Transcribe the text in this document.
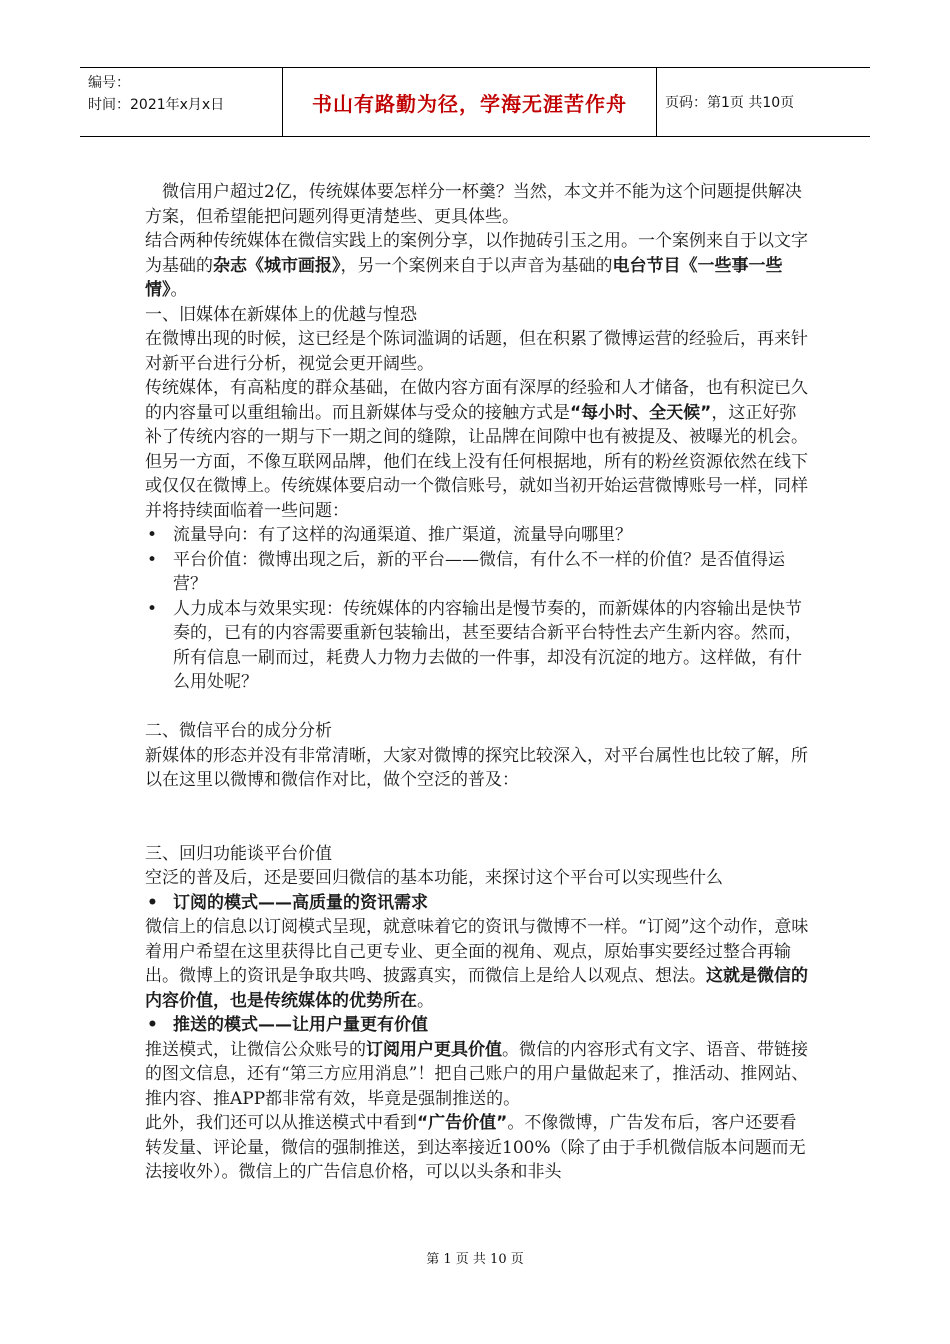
编号：
时间：2021年x月x日	书山有路勤为径，学海无涯苦作舟	页码：第1页 共10页

微信用户超过2亿，传统媒体要怎样分一杯羹？当然，本文并不能为这个问题提供解决方案，但希望能把问题列得更清楚些、更具体些。

结合两种传统媒体在微信实践上的案例分享，以作抛砖引玉之用。一个案例来自于以文字为基础的杂志《城市画报》，另一个案例来自于以声音为基础的电台节目《一些事一些情》。

一、旧媒体在新媒体上的优越与惶恐

在微博出现的时候，这已经是个陈词滥调的话题，但在积累了微博运营的经验后，再来针对新平台进行分析，视觉会更开阔些。

传统媒体，有高粘度的群众基础，在做内容方面有深厚的经验和人才储备，也有积淀已久的内容量可以重组输出。而且新媒体与受众的接触方式是“每小时、全天候”，这正好弥补了传统内容的一期与下一期之间的缝隙，让品牌在间隙中也有被提及、被曝光的机会。

但另一方面，不像互联网品牌，他们在线上没有任何根据地，所有的粉丝资源依然在线下或仅仅在微博上。传统媒体要启动一个微信账号，就如当初开始运营微博账号一样，同样并将持续面临着一些问题：

• 流量导向：有了这样的沟通渠道、推广渠道，流量导向哪里？

• 平台价值：微博出现之后，新的平台——微信，有什么不一样的价值？是否值得运营？

• 人力成本与效果实现：传统媒体的内容输出是慢节奏的，而新媒体的内容输出是快节奏的，已有的内容需要重新包装输出，甚至要结合新平台特性去产生新内容。然而，所有信息一刷而过，耗费人力物力去做的一件事，却没有沉淀的地方。这样做，有什么用处呢？

二、微信平台的成分分析

新媒体的形态并没有非常清晰，大家对微博的探究比较深入，对平台属性也比较了解，所以在这里以微博和微信作对比，做个空泛的普及：

三、回归功能谈平台价值

空泛的普及后，还是要回归微信的基本功能，来探讨这个平台可以实现些什么

• 订阅的模式——高质量的资讯需求

微信上的信息以订阅模式呈现，就意味着它的资讯与微博不一样。“订阅”这个动作，意味着用户希望在这里获得比自己更专业、更全面的视角、观点，原始事实要经过整合再输出。微博上的资讯是争取共鸣、披露真实，而微信上是给人以观点、想法。这就是微信的内容价值，也是传统媒体的优势所在。

• 推送的模式——让用户量更有价值

推送模式，让微信公众账号的订阅用户更具价值。微信的内容形式有文字、语音、带链接的图文信息，还有“第三方应用消息”！把自己账户的用户量做起来了，推活动、推网站、推内容、推APP都非常有效，毕竟是强制推送的。

此外，我们还可以从推送模式中看到“广告价值”。不像微博，广告发布后，客户还要看转发量、评论量，微信的强制推送，到达率接近100%（除了由于手机微信版本问题而无法接收外）。微信上的广告信息价格，可以以头条和非头

第 1 页 共 10 页
